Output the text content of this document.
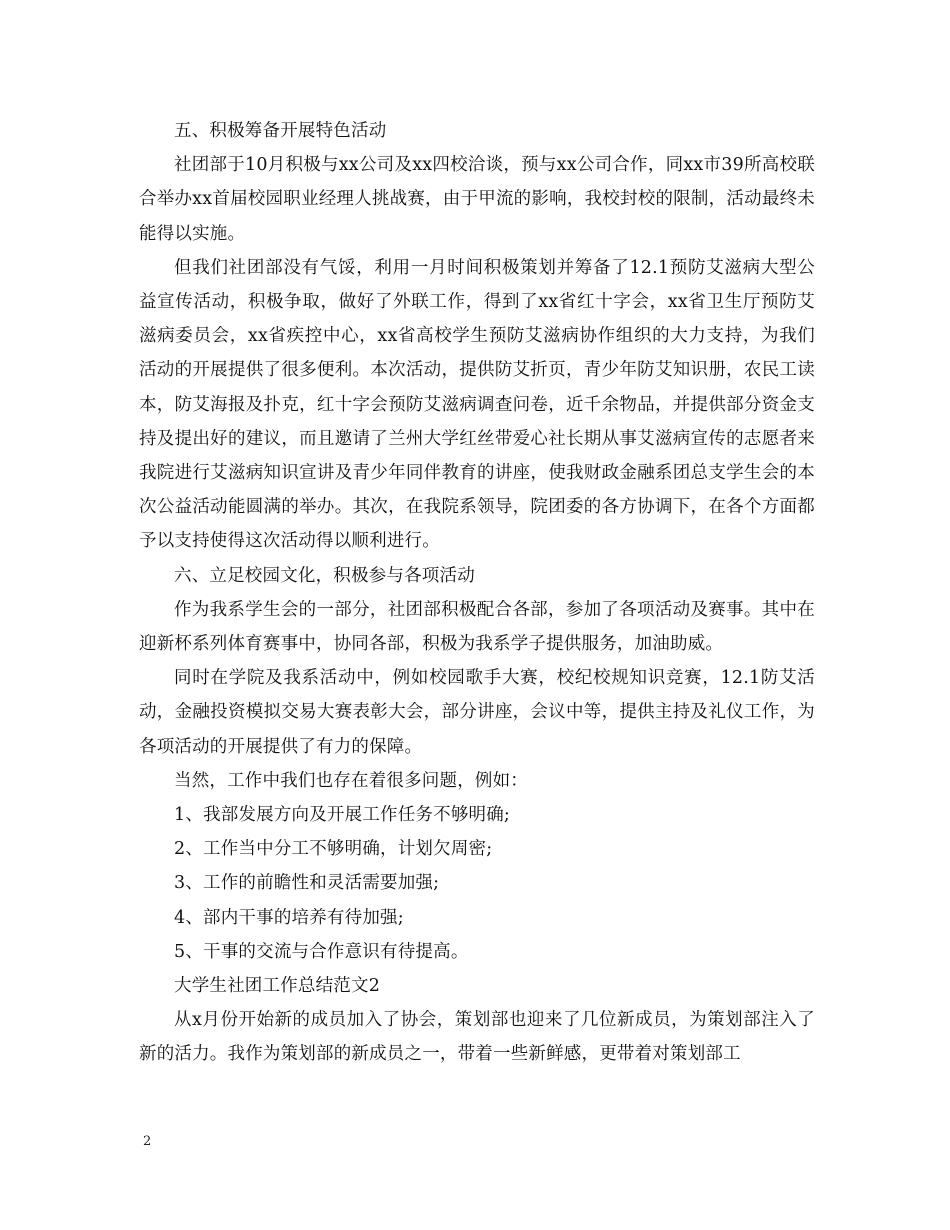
五、积极筹备开展特色活动

社团部于10月积极与xx公司及xx四校洽谈，预与xx公司合作，同xx市39所高校联合举办xx首届校园职业经理人挑战赛，由于甲流的影响，我校封校的限制，活动最终未能得以实施。

但我们社团部没有气馁，利用一月时间积极策划并筹备了12.1预防艾滋病大型公益宣传活动，积极争取，做好了外联工作，得到了xx省红十字会，xx省卫生厅预防艾滋病委员会，xx省疾控中心，xx省高校学生预防艾滋病协作组织的大力支持，为我们活动的开展提供了很多便利。本次活动，提供防艾折页，青少年防艾知识册，农民工读本，防艾海报及扑克，红十字会预防艾滋病调查问卷，近千余物品，并提供部分资金支持及提出好的建议，而且邀请了兰州大学红丝带爱心社长期从事艾滋病宣传的志愿者来我院进行艾滋病知识宣讲及青少年同伴教育的讲座，使我财政金融系团总支学生会的本次公益活动能圆满的举办。其次，在我院系领导，院团委的各方协调下，在各个方面都予以支持使得这次活动得以顺利进行。

六、立足校园文化，积极参与各项活动

作为我系学生会的一部分，社团部积极配合各部，参加了各项活动及赛事。其中在迎新杯系列体育赛事中，协同各部，积极为我系学子提供服务，加油助威。

同时在学院及我系活动中，例如校园歌手大赛，校纪校规知识竞赛，12.1防艾活动，金融投资模拟交易大赛表彰大会，部分讲座，会议中等，提供主持及礼仪工作，为各项活动的开展提供了有力的保障。

当然，工作中我们也存在着很多问题，例如：

1、我部发展方向及开展工作任务不够明确;

2、工作当中分工不够明确，计划欠周密;

3、工作的前瞻性和灵活需要加强;

4、部内干事的培养有待加强;

5、干事的交流与合作意识有待提高。

大学生社团工作总结范文2

从x月份开始新的成员加入了协会，策划部也迎来了几位新成员，为策划部注入了新的活力。我作为策划部的新成员之一，带着一些新鲜感，更带着对策划部工

2
